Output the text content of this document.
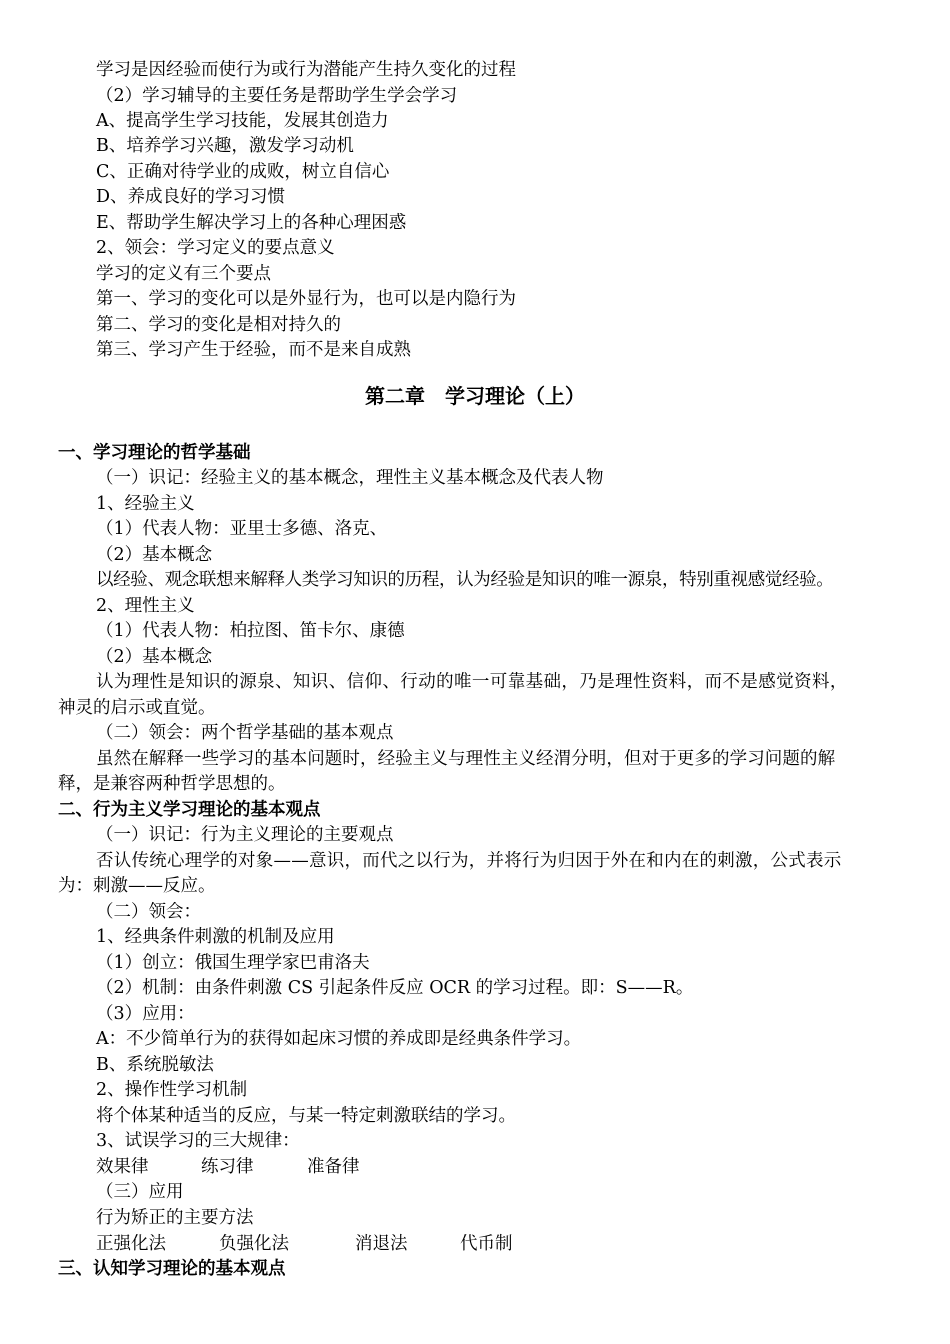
学习是因经验而使行为或行为潜能产生持久变化的过程
（2）学习辅导的主要任务是帮助学生学会学习
A、提高学生学习技能，发展其创造力
B、培养学习兴趣，激发学习动机
C、正确对待学业的成败，树立自信心
D、养成良好的学习习惯
E、帮助学生解决学习上的各种心理困惑
2、领会：学习定义的要点意义
学习的定义有三个要点
第一、学习的变化可以是外显行为，也可以是内隐行为
第二、学习的变化是相对持久的
第三、学习产生于经验，而不是来自成熟
第二章　学习理论（上）
一、学习理论的哲学基础
（一）识记：经验主义的基本概念，理性主义基本概念及代表人物
1、经验主义
（1）代表人物：亚里士多德、洛克、
（2）基本概念
以经验、观念联想来解释人类学习知识的历程，认为经验是知识的唯一源泉，特别重视感觉经验。
2、理性主义
（1）代表人物：柏拉图、笛卡尔、康德
（2）基本概念
认为理性是知识的源泉、知识、信仰、行动的唯一可靠基础，乃是理性资料，而不是感觉资料，
神灵的启示或直觉。
（二）领会：两个哲学基础的基本观点
虽然在解释一些学习的基本问题时，经验主义与理性主义经渭分明，但对于更多的学习问题的解
释，是兼容两种哲学思想的。
二、行为主义学习理论的基本观点
（一）识记：行为主义理论的主要观点
否认传统心理学的对象——意识，而代之以行为，并将行为归因于外在和内在的刺激，公式表示
为：刺激——反应。
（二）领会：
1、经典条件刺激的机制及应用
（1）创立：俄国生理学家巴甫洛夫
（2）机制：由条件刺激 CS 引起条件反应 OCR 的学习过程。即：S——R。
（3）应用：
A：不少简单行为的获得如起床习惯的养成即是经典条件学习。
B、系统脱敏法
2、操作性学习机制
将个体某种适当的反应，与某一特定刺激联结的学习。
3、试误学习的三大规律：
效果律	练习律	准备律
（三）应用
行为矫正的主要方法
正强化法	负强化法	消退法	代币制
三、认知学习理论的基本观点
